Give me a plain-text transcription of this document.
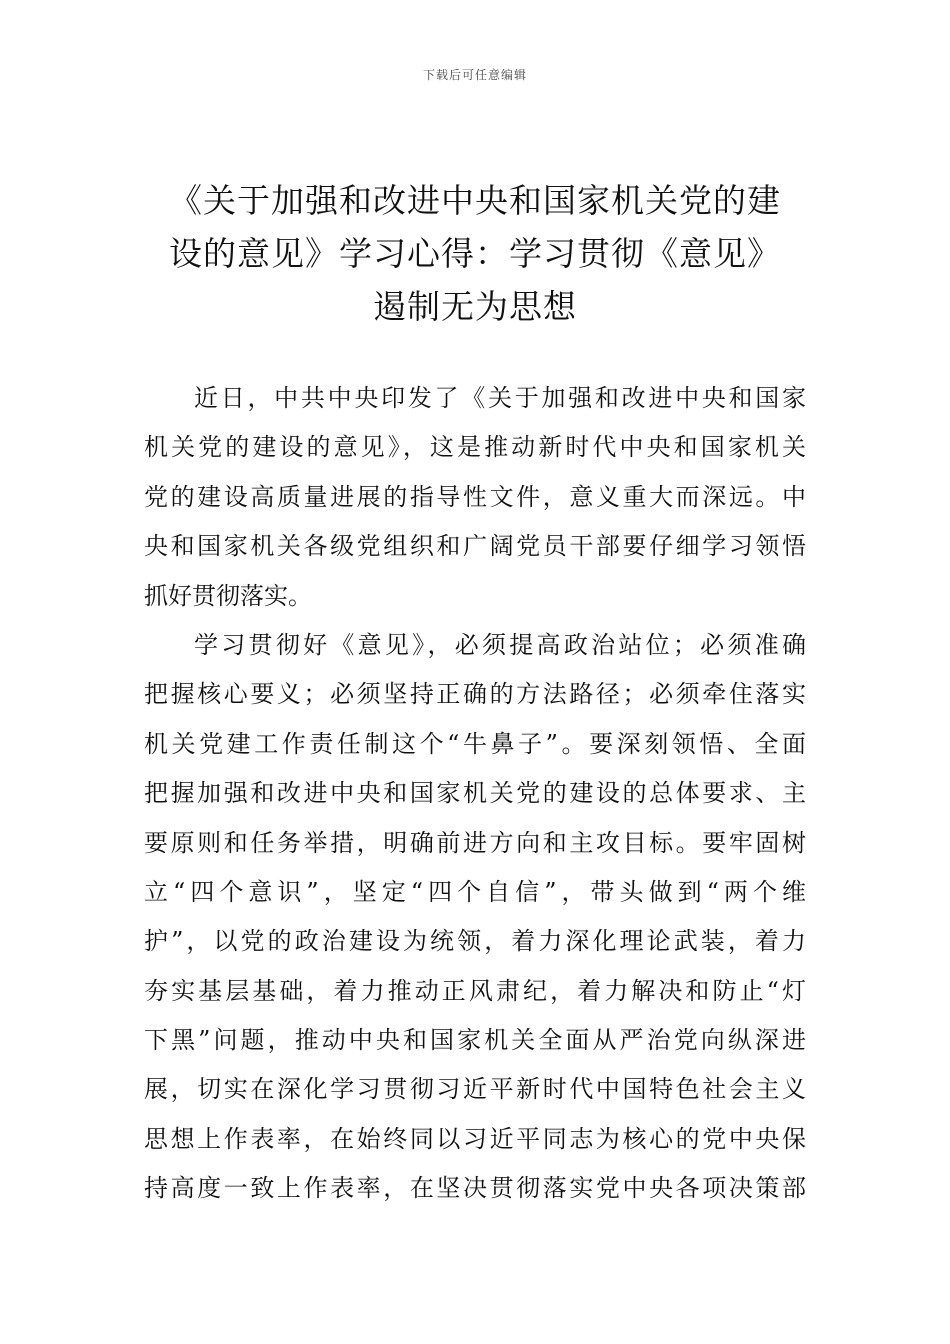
下载后可任意编辑
《关于加强和改进中央和国家机关党的建
设的意见》学习心得：学习贯彻《意见》
遏制无为思想
近日，中共中央印发了《关于加强和改进中央和国家
机关党的建设的意见》，这是推动新时代中央和国家机关
党的建设高质量进展的指导性文件，意义重大而深远。中
央和国家机关各级党组织和广阔党员干部要仔细学习领悟
抓好贯彻落实。
学习贯彻好《意见》，必须提高政治站位；必须准确
把握核心要义；必须坚持正确的方法路径；必须牵住落实
机关党建工作责任制这个“牛鼻子”。要深刻领悟、全面
把握加强和改进中央和国家机关党的建设的总体要求、主
要原则和任务举措，明确前进方向和主攻目标。要牢固树
立“四个意识”，坚定“四个自信”，带头做到“两个维
护”，以党的政治建设为统领，着力深化理论武装，着力
夯实基层基础，着力推动正风肃纪，着力解决和防止“灯
下黑”问题，推动中央和国家机关全面从严治党向纵深进
展，切实在深化学习贯彻习近平新时代中国特色社会主义
思想上作表率，在始终同以习近平同志为核心的党中央保
持高度一致上作表率，在坚决贯彻落实党中央各项决策部
